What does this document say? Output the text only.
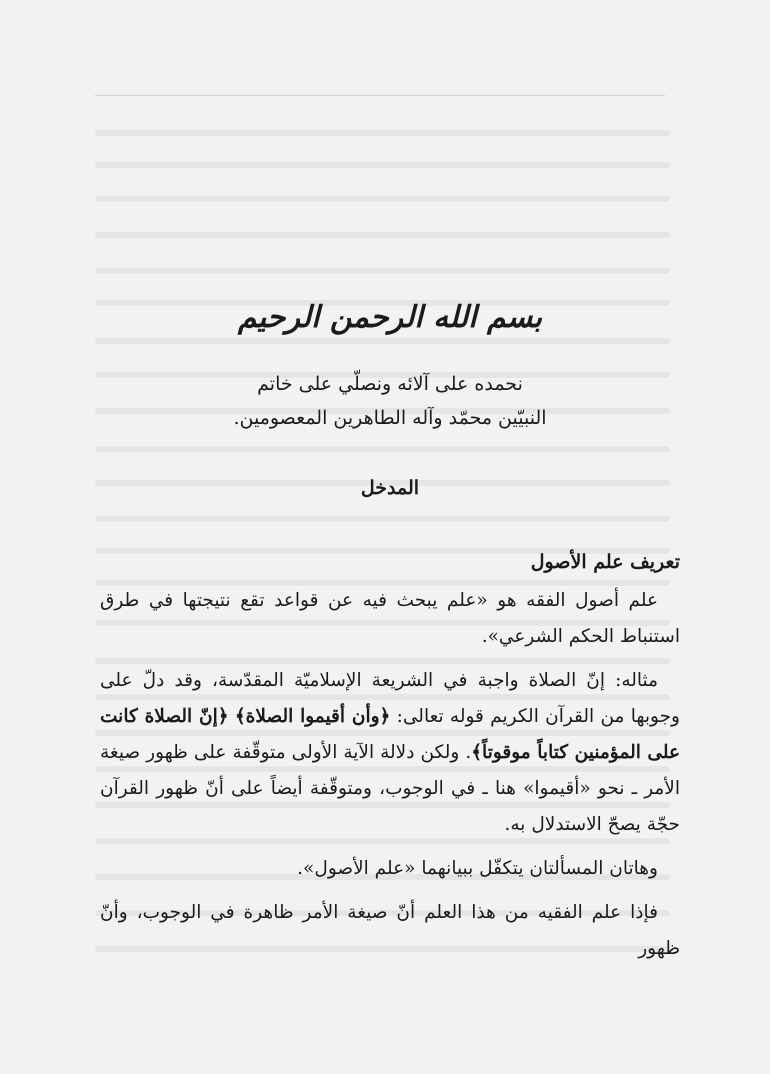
بسم الله الرحمن الرحيم
نحمده على آلائه ونصلّي على خاتم
النبيّين محمّد وآله الطاهرين المعصومين.
المدخل
تعريف علم الأصول

علم أصول الفقه هو «علم يبحث فيه عن قواعد تقع نتيجتها في طرق استنباط الحكم الشرعي».

مثاله: إنّ الصلاة واجبة في الشريعة الإسلاميّة المقدّسة، وقد دلّ على وجوبها من القرآن الكريم قوله تعالى: ﴿وأن أقيموا الصلاة﴾ ﴿إنّ الصلاة كانت على المؤمنين كتاباً موقوتاً﴾. ولكن دلالة الآية الأولى متوقّفة على ظهور صيغة الأمر ـ نحو «أقيموا» هنا ـ في الوجوب، ومتوقّفة أيضاً على أنّ ظهور القرآن حجّة يصحّ الاستدلال به.

وهاتان المسألتان يتكفّل ببيانهما «علم الأصول».

فإذا علم الفقيه من هذا العلم أنّ صيغة الأمر ظاهرة في الوجوب، وأنّ ظهور
